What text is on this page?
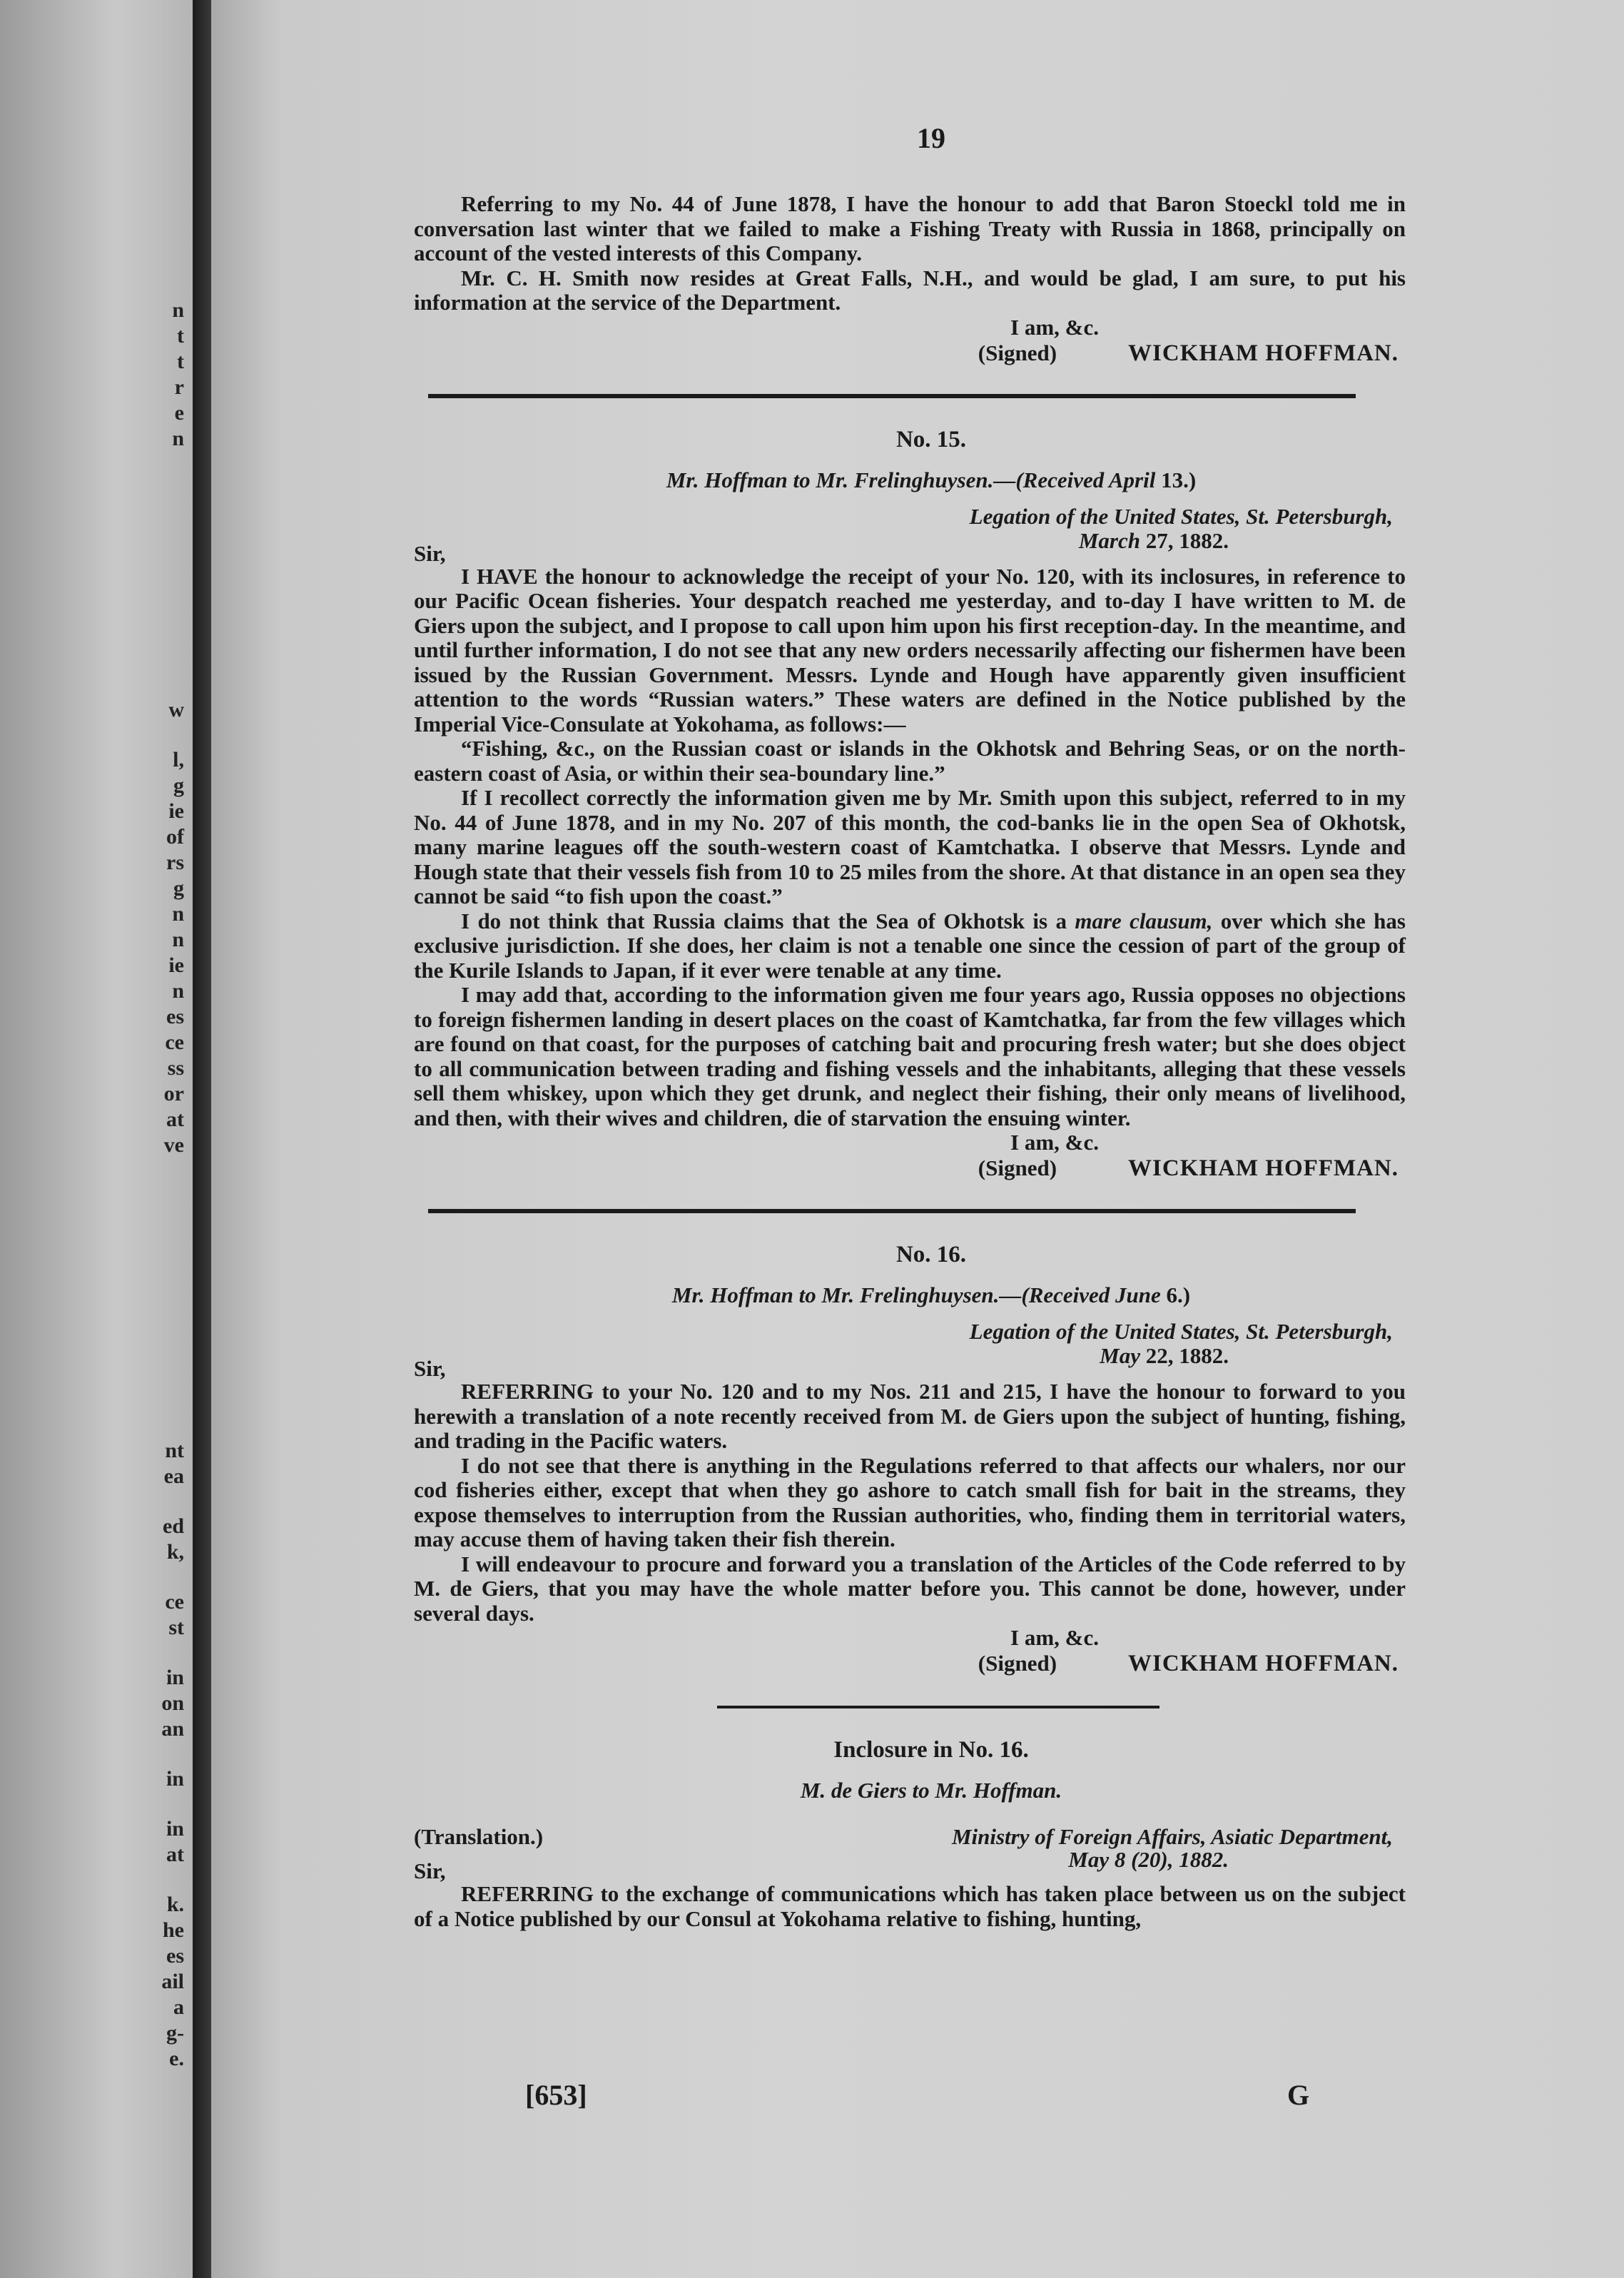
n
t
t
r
e
n
w
l,
g
ie
of
rs
g
n
n
ie
n
es
ce
ss
or
at
ve
nt
ea
ed
k,
ce
st
in
on
an
in
in
at
k.
he
es
ail
a
g-
e.
19

Referring to my No. 44 of June 1878, I have the honour to add that Baron Stoeckl told me in conversation last winter that we failed to make a Fishing Treaty with Russia in 1868, principally on account of the vested interests of this Company.

Mr. C. H. Smith now resides at Great Falls, N.H., and would be glad, I am sure, to put his information at the service of the Department.

I am, &c.
(Signed)	WICKHAM HOFFMAN.
No. 15.
Mr. Hoffman to Mr. Frelinghuysen.—(Received April 13.)
Legation of the United States, St. Petersburgh,
March 27, 1882.
Sir,

I HAVE the honour to acknowledge the receipt of your No. 120, with its inclosures, in reference to our Pacific Ocean fisheries. Your despatch reached me yesterday, and to-day I have written to M. de Giers upon the subject, and I propose to call upon him upon his first reception-day. In the meantime, and until further information, I do not see that any new orders necessarily affecting our fishermen have been issued by the Russian Government. Messrs. Lynde and Hough have apparently given insufficient attention to the words “Russian waters.” These waters are defined in the Notice published by the Imperial Vice-Consulate at Yokohama, as follows:—

“Fishing, &c., on the Russian coast or islands in the Okhotsk and Behring Seas, or on the north-eastern coast of Asia, or within their sea-boundary line.”

If I recollect correctly the information given me by Mr. Smith upon this subject, referred to in my No. 44 of June 1878, and in my No. 207 of this month, the cod-banks lie in the open Sea of Okhotsk, many marine leagues off the south-western coast of Kamtchatka. I observe that Messrs. Lynde and Hough state that their vessels fish from 10 to 25 miles from the shore. At that distance in an open sea they cannot be said “to fish upon the coast.”

I do not think that Russia claims that the Sea of Okhotsk is a mare clausum, over which she has exclusive jurisdiction. If she does, her claim is not a tenable one since the cession of part of the group of the Kurile Islands to Japan, if it ever were tenable at any time.

I may add that, according to the information given me four years ago, Russia opposes no objections to foreign fishermen landing in desert places on the coast of Kamtchatka, far from the few villages which are found on that coast, for the purposes of catching bait and procuring fresh water; but she does object to all communication between trading and fishing vessels and the inhabitants, alleging that these vessels sell them whiskey, upon which they get drunk, and neglect their fishing, their only means of livelihood, and then, with their wives and children, die of starvation the ensuing winter.

I am, &c.
(Signed)	WICKHAM HOFFMAN.
No. 16.
Mr. Hoffman to Mr. Frelinghuysen.—(Received June 6.)
Legation of the United States, St. Petersburgh,
May 22, 1882.
Sir,

REFERRING to your No. 120 and to my Nos. 211 and 215, I have the honour to forward to you herewith a translation of a note recently received from M. de Giers upon the subject of hunting, fishing, and trading in the Pacific waters.

I do not see that there is anything in the Regulations referred to that affects our whalers, nor our cod fisheries either, except that when they go ashore to catch small fish for bait in the streams, they expose themselves to interruption from the Russian authorities, who, finding them in territorial waters, may accuse them of having taken their fish therein.

I will endeavour to procure and forward you a translation of the Articles of the Code referred to by M. de Giers, that you may have the whole matter before you. This cannot be done, however, under several days.

I am, &c.
(Signed)	WICKHAM HOFFMAN.
Inclosure in No. 16.
M. de Giers to Mr. Hoffman.
(Translation.)	Ministry of Foreign Affairs, Asiatic Department,
May 8 (20), 1882.
Sir,

REFERRING to the exchange of communications which has taken place between us on the subject of a Notice published by our Consul at Yokohama relative to fishing, hunting,

[653]	G
